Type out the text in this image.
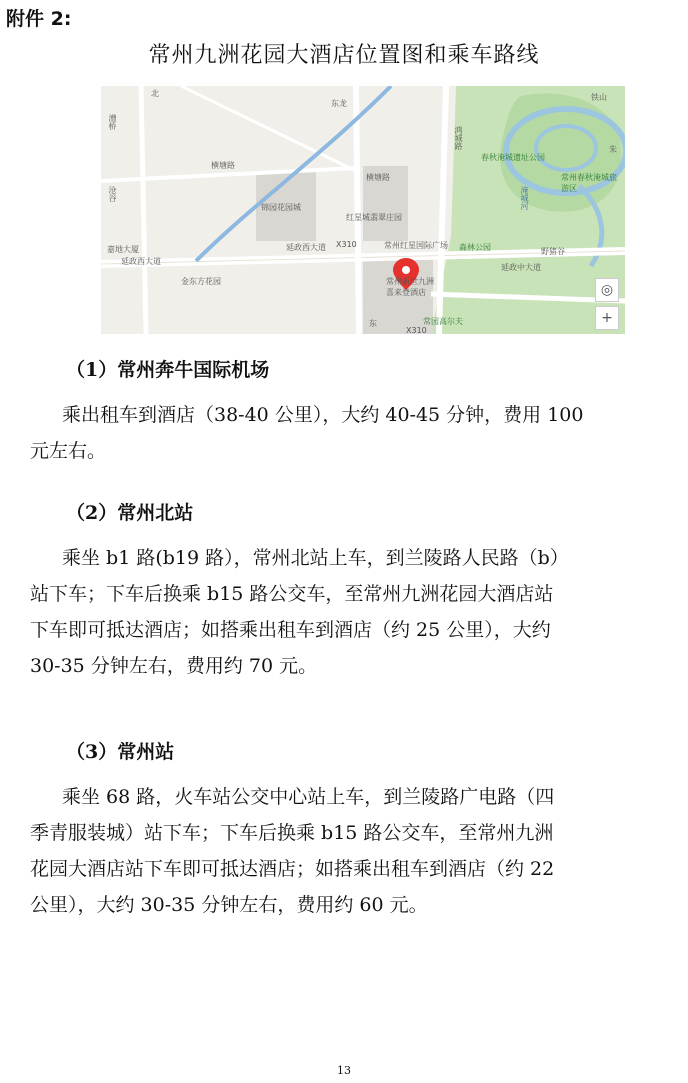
附件 2:
常州九洲花园大酒店位置图和乘车路线
北
东龙
漕桥
横塘路
横塘路
沧谷
铁山
春秋淹城遗址公园
常州春秋淹城旅游区
淹城河
红星城翡翠庄园
锦园花园城
常州红星国际广场 森林公园	野猪谷
延政西大道
延政西大道 X310
延政中大道
金东方花园
嘉地大厦
常州新世九洲喜来登酒店
常园高尔夫
东
X310
鸿城路	朱
◎
+
（1）常州奔牛国际机场
乘出租车到酒店（38-40 公里），大约 40-45 分钟，费用 100
元左右。
（2）常州北站
乘坐 b1 路(b19 路），常州北站上车，到兰陵路人民路（b）
站下车；下车后换乘 b15 路公交车，至常州九洲花园大酒店站
下车即可抵达酒店；如搭乘出租车到酒店（约 25 公里），大约
30-35 分钟左右，费用约 70 元。
（3）常州站
乘坐 68 路，火车站公交中心站上车，到兰陵路广电路（四
季青服装城）站下车；下车后换乘 b15 路公交车，至常州九洲
花园大酒店站下车即可抵达酒店；如搭乘出租车到酒店（约 22
公里），大约 30-35 分钟左右，费用约 60 元。
13
